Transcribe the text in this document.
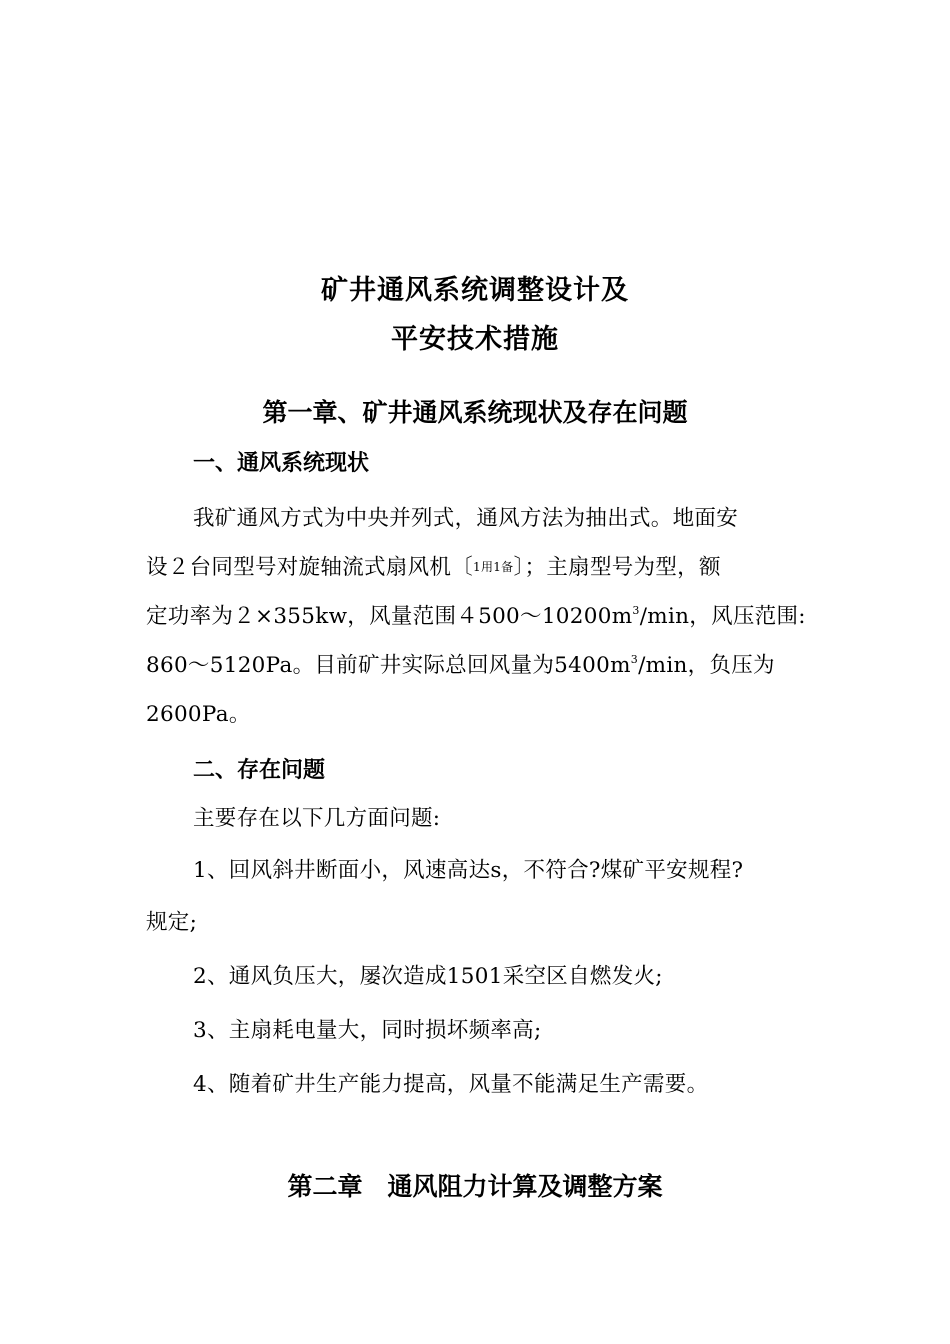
矿井通风系统调整设计及
平安技术措施
第一章、矿井通风系统现状及存在问题
一、通风系统现状
我矿通风方式为中央并列式，通风方法为抽出式。地面安
设２台同型号对旋轴流式扇风机〔1用1备〕；主扇型号为型，额
定功率为２×355kw，风量范围$4500\sim 10200m^3/\min$，风压范围:
860～5120Pa。目前矿井实际总回风量为$5400m^3/\min$，负压为
2600Pa。
二、存在问题
主要存在以下几方面问题:
1、回风斜井断面小，风速高达s，不符合?煤矿平安规程?
规定;
2、通风负压大，屡次造成1501采空区自燃发火;
3、主扇耗电量大，同时损坏频率高;
4、随着矿井生产能力提高，风量不能满足生产需要。
第二章　通风阻力计算及调整方案
